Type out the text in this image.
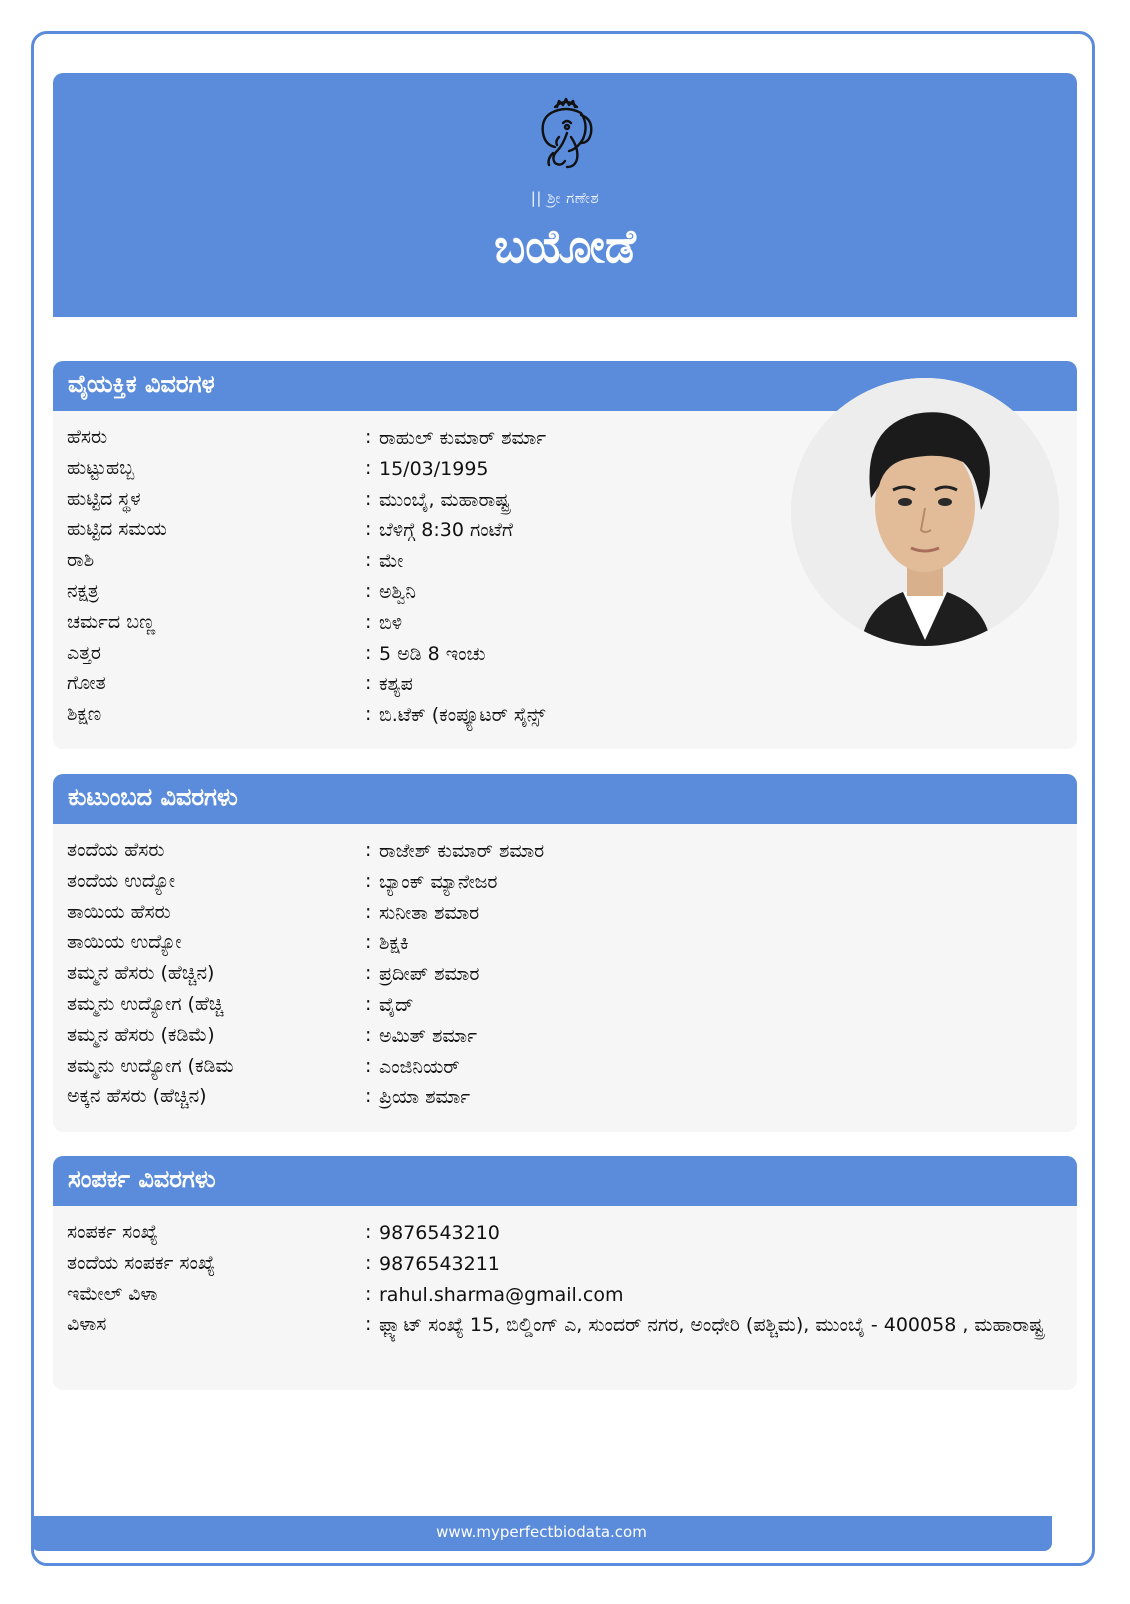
|| ಶ್ರೀ ಗಣೇಶ
ಬಯೋಡೆ
ವೈಯಕ್ತಿಕ ವಿವರಗಳ
ಹೆಸರು	: ರಾಹುಲ್ ಕುಮಾರ್ ಶರ್ಮಾ
ಹುಟ್ಟುಹಬ್ಬ	: 15/03/1995
ಹುಟ್ಟಿದ ಸ್ಥಳ	: ಮುಂಬೈ, ಮಹಾರಾಷ್ಟ್ರ
ಹುಟ್ಟಿದ ಸಮಯ	: ಬೆಳಿಗ್ಗೆ 8:30 ಗಂಟೆಗೆ
ರಾಶಿ	: ಮೇ
ನಕ್ಷತ್ರ	: ಅಶ್ವಿನಿ
ಚರ್ಮದ ಬಣ್ಣ	: ಬಿಳಿ
ಎತ್ತರ	: 5 ಅಡಿ 8 ಇಂಚು
ಗೋತ	: ಕಶ್ಯಪ
ಶಿಕ್ಷಣ	: ಬಿ.ಟೆಕ್ (ಕಂಪ್ಯೂಟರ್ ಸೈನ್ಸ್
ಕುಟುಂಬದ ವಿವರಗಳು
ತಂದೆಯ ಹೆಸರು	: ರಾಜೇಶ್ ಕುಮಾರ್ ಶಮಾರ
ತಂದೆಯ ಉದ್ಯೋ	: ಬ್ಯಾಂಕ್ ಮ್ಯಾನೇಜರ
ತಾಯಿಯ ಹೆಸರು	: ಸುನೀತಾ ಶಮಾರ
ತಾಯಿಯ ಉದ್ಯೋ	: ಶಿಕ್ಷಕಿ
ತಮ್ಮನ ಹೆಸರು (ಹೆಚ್ಚಿನ)	: ಪ್ರದೀಪ್ ಶಮಾರ
ತಮ್ಮನು ಉದ್ಯೋಗ (ಹೆಚ್ಚಿ	: ವೈದ್
ತಮ್ಮನ ಹೆಸರು (ಕಡಿಮೆ)	: ಅಮಿತ್ ಶರ್ಮಾ
ತಮ್ಮನು ಉದ್ಯೋಗ (ಕಡಿಮ	: ಎಂಜಿನಿಯರ್
ಅಕ್ಕನ ಹೆಸರು (ಹೆಚ್ಚಿನ)	: ಪ್ರಿಯಾ ಶರ್ಮಾ
ಸಂಪರ್ಕ ವಿವರಗಳು
ಸಂಪರ್ಕ ಸಂಖ್ಯೆ	: 9876543210
ತಂದೆಯ ಸಂಪರ್ಕ ಸಂಖ್ಯೆ	: 9876543211
ಇಮೇಲ್ ವಿಳಾ	: rahul.sharma@gmail.com
ವಿಳಾಸ	: ಫ್ಲ್ಯಾಟ್ ಸಂಖ್ಯೆ 15, ಬಿಲ್ಡಿಂಗ್ ಎ, ಸುಂದರ್ ನಗರ, ಅಂಧೇರಿ (ಪಶ್ಚಿಮ), ಮುಂಬೈ - 400058 , ಮಹಾರಾಷ್ಟ್ರ
www.myperfectbiodata.com
